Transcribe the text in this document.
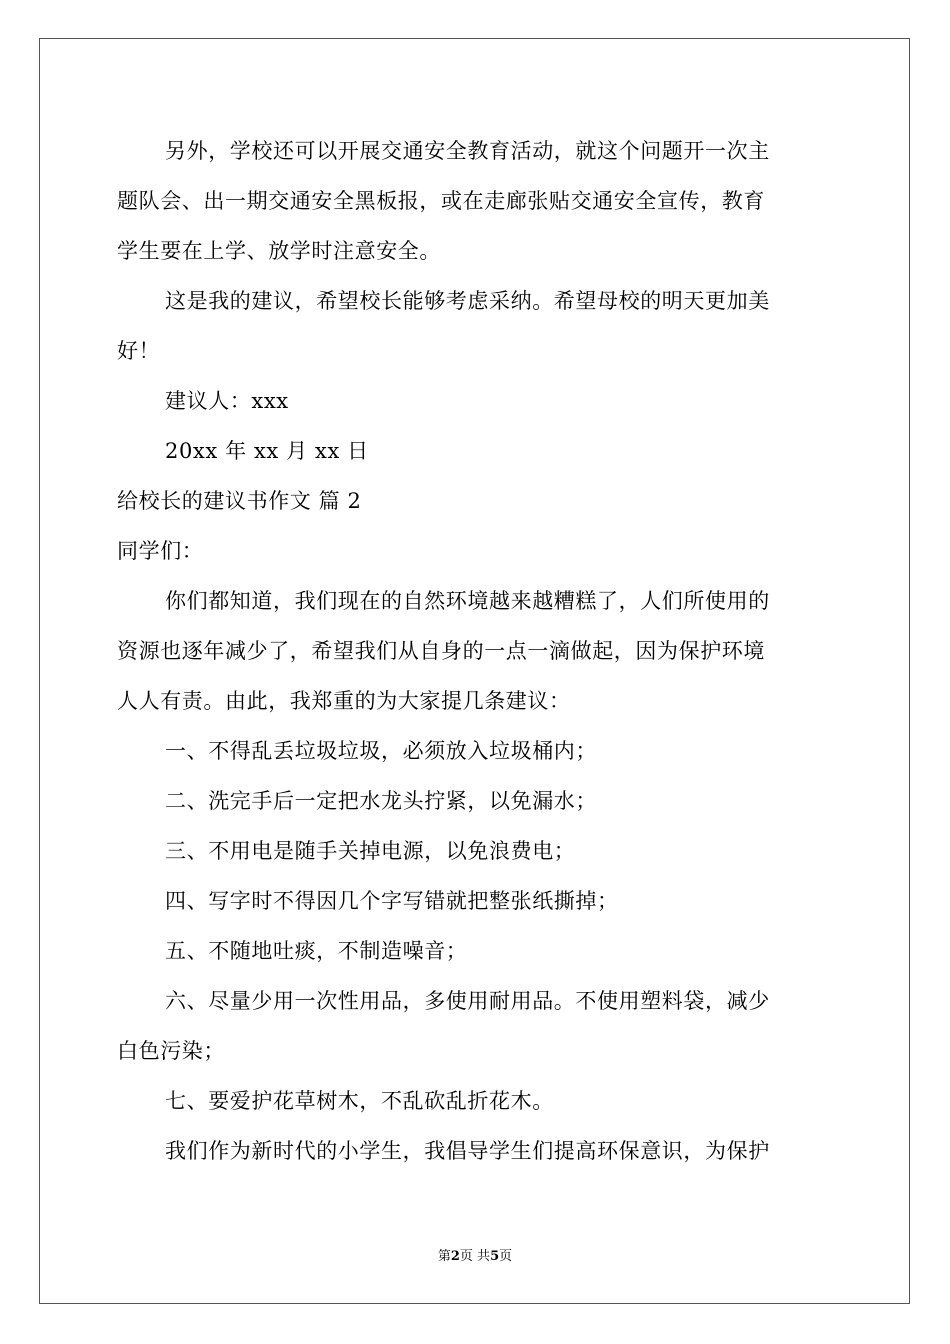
另外，学校还可以开展交通安全教育活动，就这个问题开一次主
题队会、出一期交通安全黑板报，或在走廊张贴交通安全宣传，教育
学生要在上学、放学时注意安全。
这是我的建议，希望校长能够考虑采纳。希望母校的明天更加美
好！
建议人：xxx
20xx 年 xx 月 xx 日
给校长的建议书作文 篇 2
同学们：
你们都知道，我们现在的自然环境越来越糟糕了，人们所使用的
资源也逐年减少了，希望我们从自身的一点一滴做起，因为保护环境
人人有责。由此，我郑重的为大家提几条建议：
一、不得乱丢垃圾垃圾，必须放入垃圾桶内；
二、洗完手后一定把水龙头拧紧，以免漏水；
三、不用电是随手关掉电源，以免浪费电；
四、写字时不得因几个字写错就把整张纸撕掉；
五、不随地吐痰，不制造噪音；
六、尽量少用一次性用品，多使用耐用品。不使用塑料袋，减少
白色污染；
七、要爱护花草树木，不乱砍乱折花木。
我们作为新时代的小学生，我倡导学生们提高环保意识，为保护
第2页 共5页
